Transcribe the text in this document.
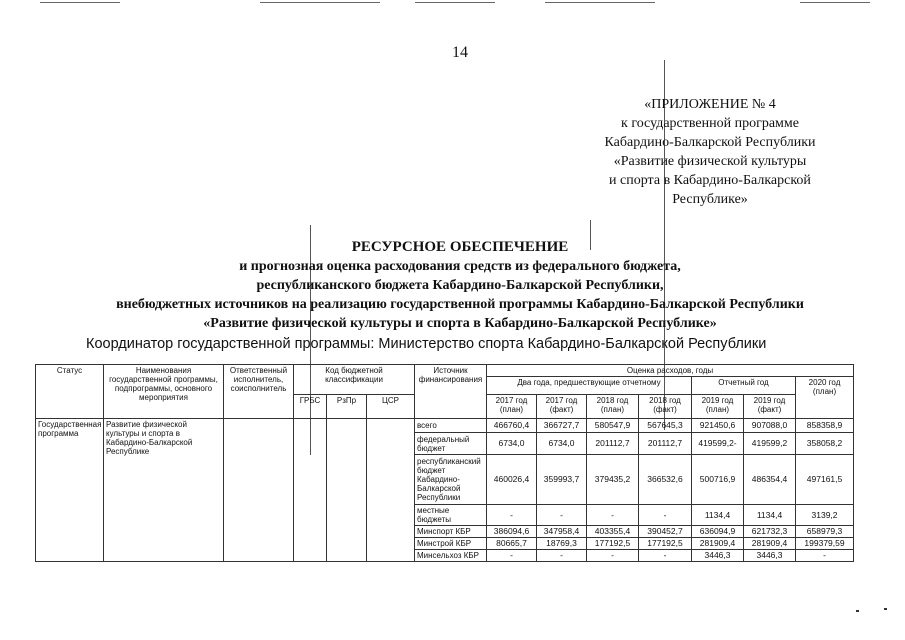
14
«ПРИЛОЖЕНИЕ № 4
к государственной программе
Кабардино-Балкарской Республики
«Развитие физической культуры
и спорта в Кабардино-Балкарской
Республике»
РЕСУРСНОЕ ОБЕСПЕЧЕНИЕ
и прогнозная оценка расходования средств из федерального бюджета,
республиканского бюджета Кабардино-Балкарской Республики,
внебюджетных источников на реализацию государственной программы Кабардино-Балкарской Республики
«Развитие физической культуры и спорта в Кабардино-Балкарской Республике»
Координатор государственной программы: Министерство спорта Кабардино-Балкарской Республики
Статус	Наименования государственной программы, подпрограммы, основного мероприятия	Ответственный исполнитель, соисполнитель	Код бюджетной классификации			Источник финансирования	Оценка расходов, годы						
							Два года, предшествующие отчетному				Отчетный год		2020 год (план)
			ГРБС	РзПр	ЦСР		2017 год (план)	2017 год (факт)	2018 год (план)	2018 год (факт)	2019 год (план)	2019 год (факт)	
Государственная программа	Развитие физической культуры и спорта в Кабардино-Балкарской Республике					всего	466760,4	366727,7	580547,9	567645,3	921450,6	907088,0	858358,9
						федеральный бюджет	6734,0	6734,0	201112,7	201112,7	419599,2-	419599,2	358058,2
						республиканский бюджет Кабардино-Балкарской Республики	460026,4	359993,7	379435,2	366532,6	500716,9	486354,4	497161,5
						местные бюджеты	-	-	-	-	1134,4	1134,4	3139,2
						Минспорт КБР	386094,6	347958,4	403355,4	390452,7	636094,9	621732,3	658979,3
						Минстрой КБР	80665,7	18769,3	177192,5	177192,5	281909,4	281909,4	199379,59
						Минсельхоз КБР	-	-	-	-	3446,3	3446,3	-
